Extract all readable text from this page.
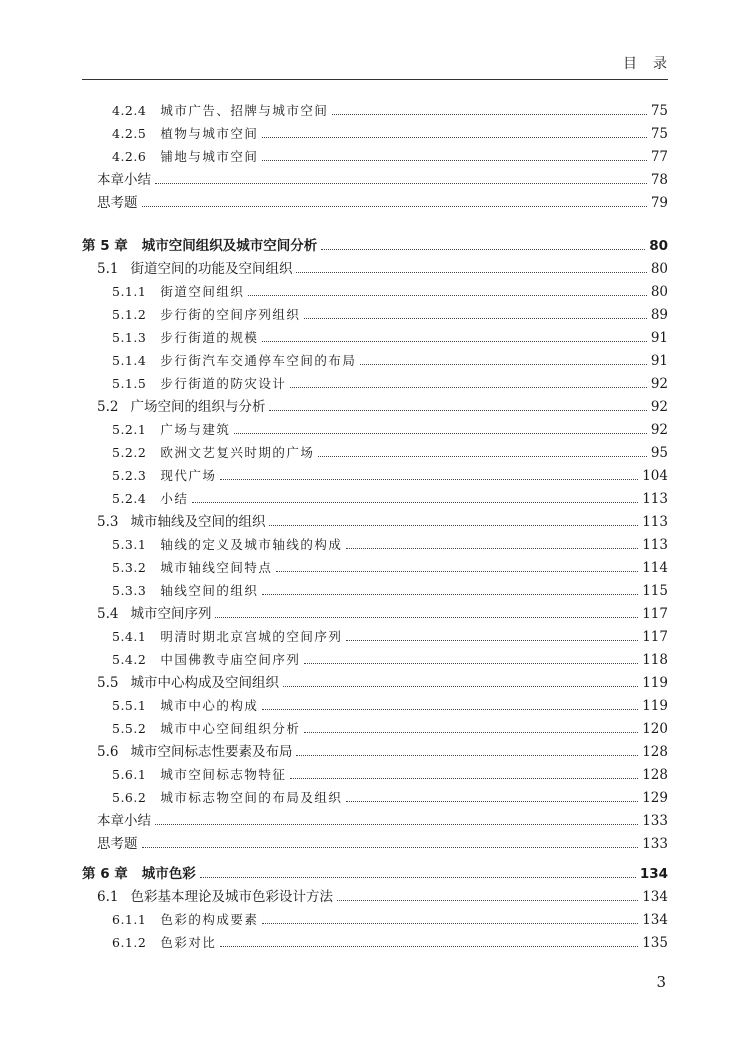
目　录
4.2.4 城市广告、招牌与城市空间	75
4.2.5 植物与城市空间	75
4.2.6 铺地与城市空间	77
本章小结	78
思考题	79
第 5 章 城市空间组织及城市空间分析	80
5.1 街道空间的功能及空间组织	80
5.1.1 街道空间组织	80
5.1.2 步行街的空间序列组织	89
5.1.3 步行街道的规模	91
5.1.4 步行街汽车交通停车空间的布局	91
5.1.5 步行街道的防灾设计	92
5.2 广场空间的组织与分析	92
5.2.1 广场与建筑	92
5.2.2 欧洲文艺复兴时期的广场	95
5.2.3 现代广场	104
5.2.4 小结	113
5.3 城市轴线及空间的组织	113
5.3.1 轴线的定义及城市轴线的构成	113
5.3.2 城市轴线空间特点	114
5.3.3 轴线空间的组织	115
5.4 城市空间序列	117
5.4.1 明清时期北京宫城的空间序列	117
5.4.2 中国佛教寺庙空间序列	118
5.5 城市中心构成及空间组织	119
5.5.1 城市中心的构成	119
5.5.2 城市中心空间组织分析	120
5.6 城市空间标志性要素及布局	128
5.6.1 城市空间标志物特征	128
5.6.2 城市标志物空间的布局及组织	129
本章小结	133
思考题	133
第 6 章 城市色彩	134
6.1 色彩基本理论及城市色彩设计方法	134
6.1.1 色彩的构成要素	134
6.1.2 色彩对比	135
3
